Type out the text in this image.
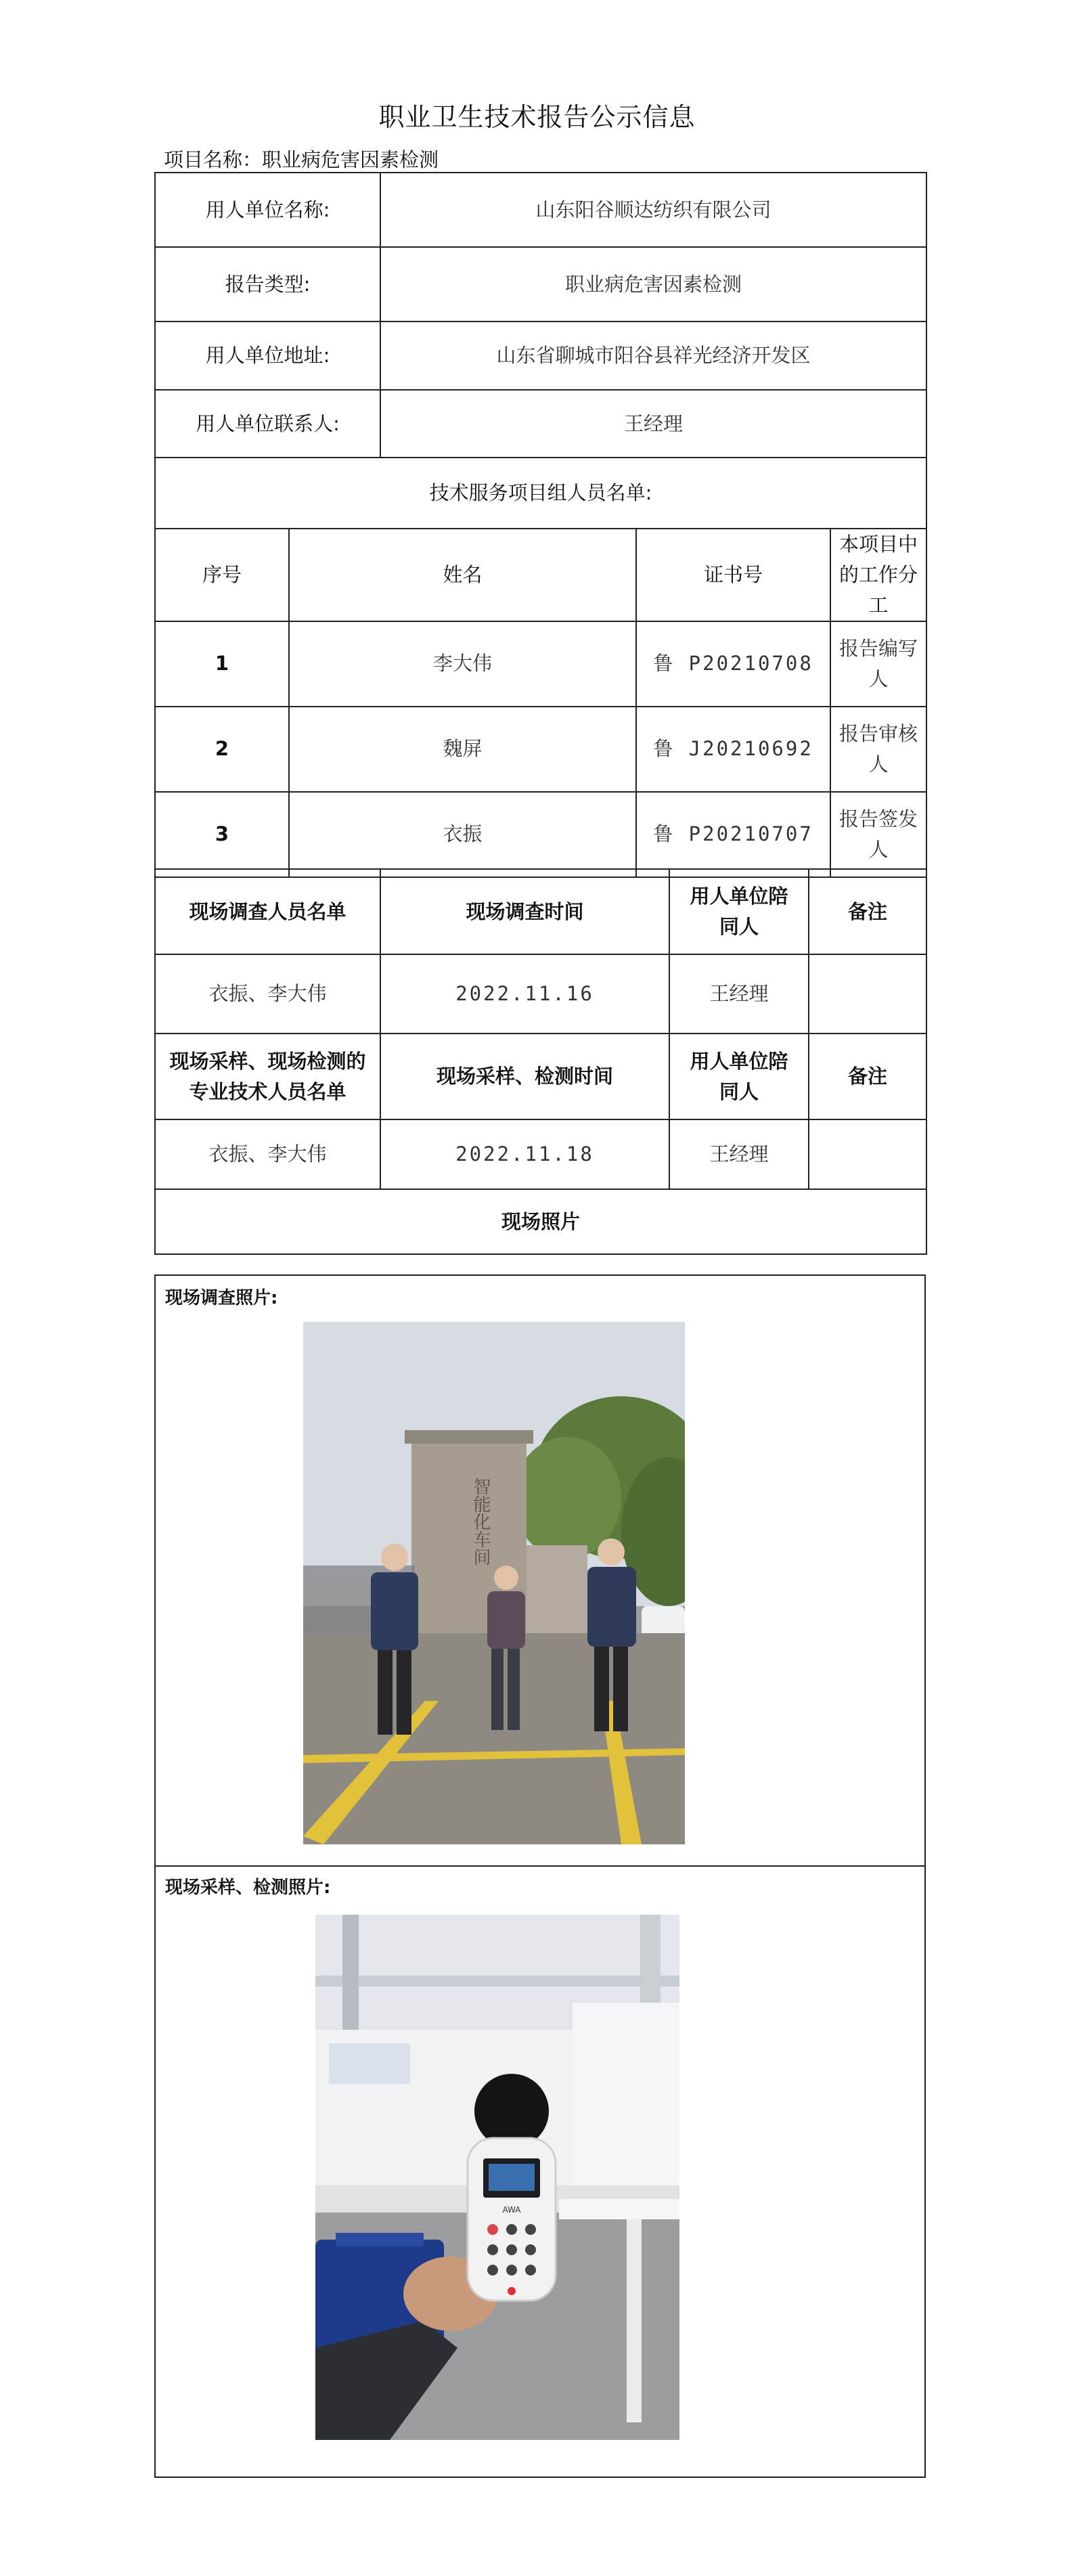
职业卫生技术报告公示信息
项目名称：职业病危害因素检测
用人单位名称:		山东阳谷顺达纺织有限公司		
报告类型:		职业病危害因素检测		
用人单位地址:		山东省聊城市阳谷县祥光经济开发区		
用人单位联系人:		王经理		
技术服务项目组人员名单:				
序号	姓名		证书号	本项目中的工作分工
1	李大伟		鲁 P20210708	报告编写人
2	魏屏		鲁 J20210692	报告审核人
3	衣振		鲁 P20210707	报告签发人
现场调查人员名单	现场调查时间	用人单位陪同人	备注
衣振、李大伟	2022.11.16	王经理	
现场采样、现场检测的专业技术人员名单	现场采样、检测时间	用人单位陪同人	备注
衣振、李大伟	2022.11.18	王经理	
现场照片			
现场调查照片:
智能化车间
现场采样、检测照片:
AWA
